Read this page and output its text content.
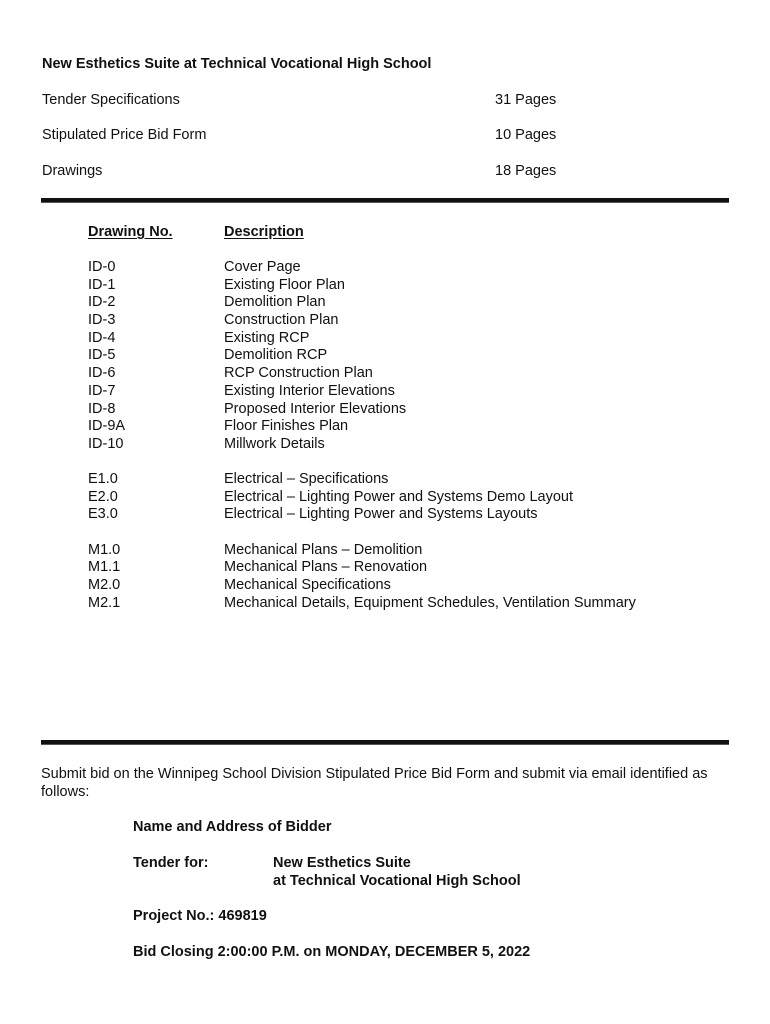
New Esthetics Suite at Technical Vocational High School
Tender Specifications	31 Pages
Stipulated Price Bid Form	10 Pages
Drawings	18 Pages
Drawing No.	Description
ID-0	Cover Page
ID-1	Existing Floor Plan
ID-2	Demolition Plan
ID-3	Construction Plan
ID-4	Existing RCP
ID-5	Demolition RCP
ID-6	RCP Construction Plan
ID-7	Existing Interior Elevations
ID-8	Proposed Interior Elevations
ID-9A	Floor Finishes Plan
ID-10	Millwork Details
E1.0	Electrical – Specifications
E2.0	Electrical – Lighting Power and Systems Demo Layout
E3.0	Electrical – Lighting Power and Systems Layouts
M1.0	Mechanical Plans – Demolition
M1.1	Mechanical Plans – Renovation
M2.0	Mechanical Specifications
M2.1	Mechanical Details, Equipment Schedules, Ventilation Summary
Submit bid on the Winnipeg School Division Stipulated Price Bid Form and submit via email identified as follows:
Name and Address of Bidder
Tender for:	New Esthetics Suite
at Technical Vocational High School
Project No.: 469819
Bid Closing 2:00:00 P.M. on MONDAY, DECEMBER 5, 2022
